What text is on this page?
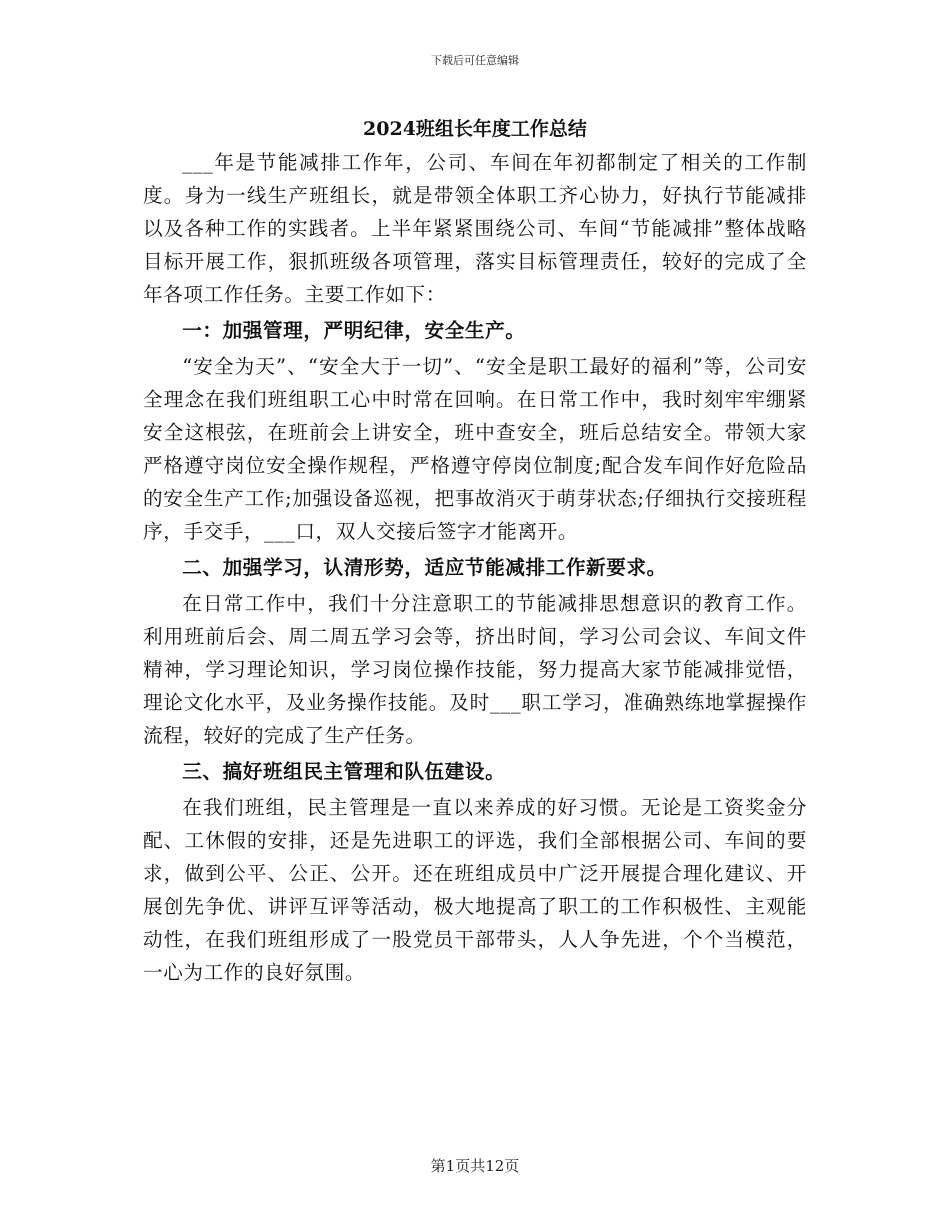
下载后可任意编辑
2024班组长年度工作总结

___年是节能减排工作年，公司、车间在年初都制定了相关的工作制度。身为一线生产班组长，就是带领全体职工齐心协力，好执行节能减排以及各种工作的实践者。上半年紧紧围绕公司、车间“节能减排”整体战略目标开展工作，狠抓班级各项管理，落实目标管理责任，较好的完成了全年各项工作任务。主要工作如下：

一：加强管理，严明纪律，安全生产。

“安全为天”、“安全大于一切”、“安全是职工最好的福利”等，公司安全理念在我们班组职工心中时常在回响。在日常工作中，我时刻牢牢绷紧安全这根弦，在班前会上讲安全，班中查安全，班后总结安全。带领大家严格遵守岗位安全操作规程，严格遵守停岗位制度;配合发车间作好危险品的安全生产工作;加强设备巡视，把事故消灭于萌芽状态;仔细执行交接班程序，手交手，___口，双人交接后签字才能离开。

二、加强学习，认清形势，适应节能减排工作新要求。

在日常工作中，我们十分注意职工的节能减排思想意识的教育工作。利用班前后会、周二周五学习会等，挤出时间，学习公司会议、车间文件精神，学习理论知识，学习岗位操作技能，努力提高大家节能减排觉悟，理论文化水平，及业务操作技能。及时___职工学习，准确熟练地掌握操作流程，较好的完成了生产任务。

三、搞好班组民主管理和队伍建设。

在我们班组，民主管理是一直以来养成的好习惯。无论是工资奖金分配、工休假的安排，还是先进职工的评选，我们全部根据公司、车间的要求，做到公平、公正、公开。还在班组成员中广泛开展提合理化建议、开展创先争优、讲评互评等活动，极大地提高了职工的工作积极性、主观能动性，在我们班组形成了一股党员干部带头，人人争先进，个个当模范，一心为工作的良好氛围。

第1页共12页
